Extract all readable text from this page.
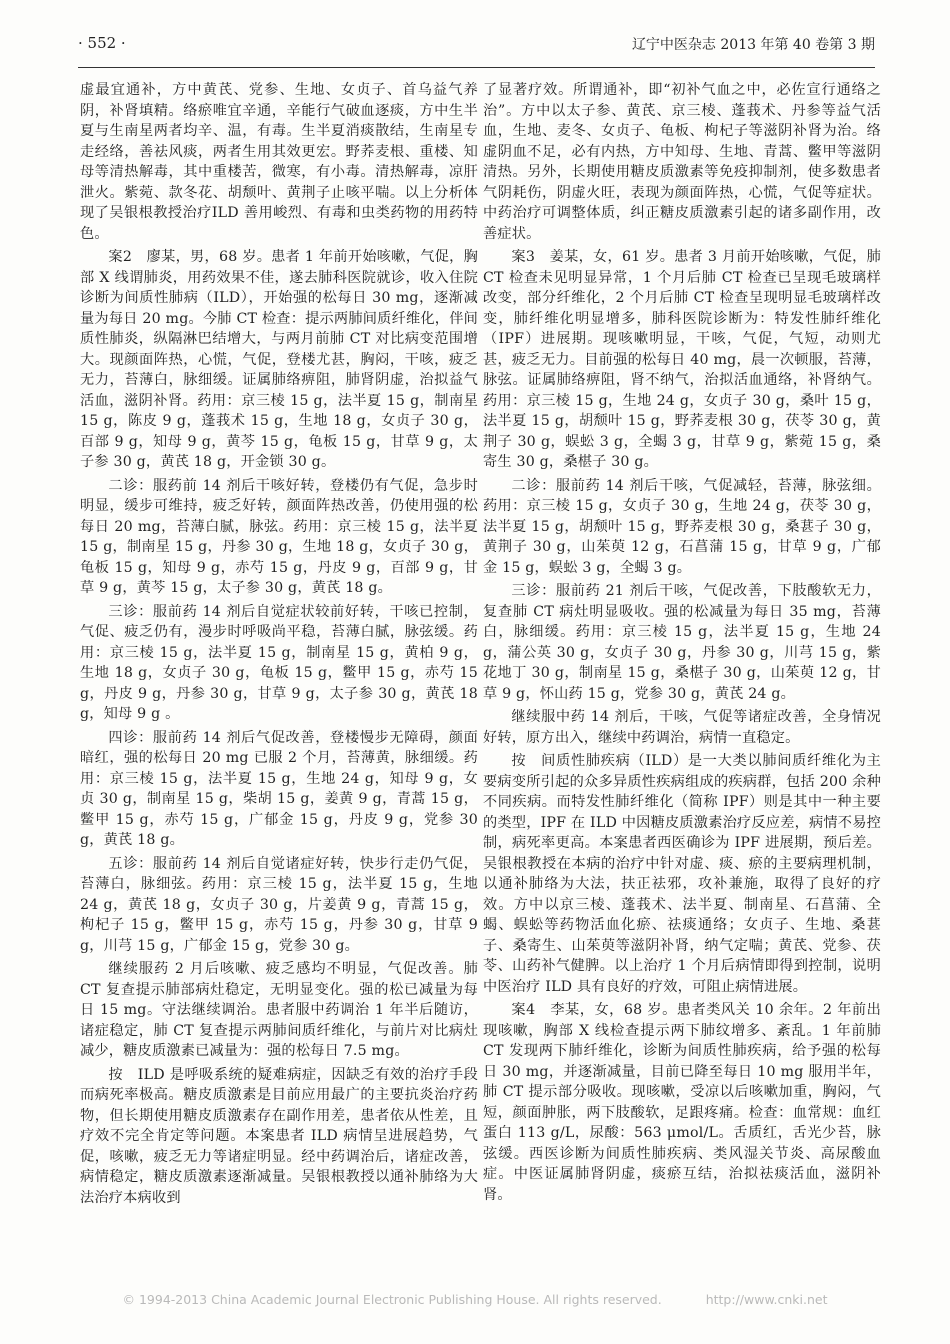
· 552 ·	辽宁中医杂志 2013 年第 40 卷第 3 期

虚最宜通补，方中黄芪、党参、生地、女贞子、首乌益气养阴，补肾填精。络瘀唯宜辛通，辛能行气破血逐痰，方中生半夏与生南星两者均辛、温，有毒。生半夏消痰散结，生南星专走经络，善祛风痰，两者生用其效更宏。野荞麦根、重楼、知母等清热解毒，其中重楼苦，微寒，有小毒。清热解毒，凉肝泄火。紫菀、款冬花、胡颓叶、黄荆子止咳平喘。以上分析体现了吴银根教授治疗ILD 善用峻烈、有毒和虫类药物的用药特色。

案2　廖某，男，68 岁。患者 1 年前开始咳嗽，气促，胸部 X 线谓肺炎，用药效果不佳，遂去肺科医院就诊，收入住院诊断为间质性肺病（ILD），开始强的松每日 30 mg，逐渐减量为每日 20 mg。今肺 CT 检查：提示两肺间质纤维化，伴间质性肺炎，纵隔淋巴结增大，与两月前肺 CT 对比病变范围增大。现颜面阵热，心慌，气促，登楼尤甚，胸闷，干咳，疲乏无力，苔薄白，脉细缓。证属肺络痹阻，肺肾阴虚，治拟益气活血，滋阴补肾。药用：京三棱 15 g，法半夏 15 g，制南星 15 g，陈皮 9 g，蓬莪术 15 g，生地 18 g，女贞子 30 g，百部 9 g，知母 9 g，黄芩 15 g，龟板 15 g，甘草 9 g，太子参 30 g，黄芪 18 g，开金锁 30 g。

二诊：服药前 14 剂后干咳好转，登楼仍有气促，急步时明显，缓步可维持，疲乏好转，颜面阵热改善，仍使用强的松每日 20 mg，苔薄白腻，脉弦。药用：京三棱 15 g，法半夏 15 g，制南星 15 g，丹参 30 g，生地 18 g，女贞子 30 g，龟板 15 g，知母 9 g，赤芍 15 g，丹皮 9 g，百部 9 g，甘草 9 g，黄芩 15 g，太子参 30 g，黄芪 18 g。

三诊：服前药 14 剂后自觉症状较前好转，干咳已控制，气促、疲乏仍有，漫步时呼吸尚平稳，苔薄白腻，脉弦缓。药用：京三棱 15 g，法半夏 15 g，制南星 15 g，黄柏 9 g，生地 18 g，女贞子 30 g，龟板 15 g，鳖甲 15 g，赤芍 15 g，丹皮 9 g，丹参 30 g，甘草 9 g，太子参 30 g，黄芪 18 g，知母 9 g 。

四诊：服前药 14 剂后气促改善，登楼慢步无障碍，颜面暗红，强的松每日 20 mg 已服 2 个月，苔薄黄，脉细缓。药用：京三棱 15 g，法半夏 15 g，生地 24 g，知母 9 g，女贞 30 g，制南星 15 g，柴胡 15 g，姜黄 9 g，青蒿 15 g，鳖甲 15 g，赤芍 15 g，广郁金 15 g，丹皮 9 g，党参 30 g，黄芪 18 g。

五诊：服前药 14 剂后自觉诸症好转，快步行走仍气促，苔薄白，脉细弦。药用：京三棱 15 g，法半夏 15 g，生地 24 g，黄芪 18 g，女贞子 30 g，片姜黄 9 g，青蒿 15 g，枸杞子 15 g，鳖甲 15 g，赤芍 15 g，丹参 30 g，甘草 9 g，川芎 15 g，广郁金 15 g，党参 30 g。

继续服药 2 月后咳嗽、疲乏感均不明显，气促改善。肺 CT 复查提示肺部病灶稳定，无明显变化。强的松已减量为每日 15 mg。守法继续调治。患者服中药调治 1 年半后随访，诸症稳定，肺 CT 复查提示两肺间质纤维化，与前片对比病灶减少，糖皮质激素已减量为：强的松每日 7.5 mg。

按　ILD 是呼吸系统的疑难病症，因缺乏有效的治疗手段而病死率极高。糖皮质激素是目前应用最广的主要抗炎治疗药物，但长期使用糖皮质激素存在副作用差，患者依从性差，且疗效不完全肯定等问题。本案患者 ILD 病情呈进展趋势，气促，咳嗽，疲乏无力等诸症明显。经中药调治后，诸症改善，病情稳定，糖皮质激素逐渐减量。吴银根教授以通补肺络为大法治疗本病收到

了显著疗效。所谓通补，即“初补气血之中，必佐宣行通络之治”。方中以太子参、黄芪、京三棱、蓬莪术、丹参等益气活血，生地、麦冬、女贞子、龟板、枸杞子等滋阴补肾为治。络虚阴血不足，必有内热，方中知母、生地、青蒿、鳖甲等滋阴清热。另外，长期使用糖皮质激素等免疫抑制剂，使多数患者气阴耗伤，阴虚火旺，表现为颜面阵热，心慌，气促等症状。中药治疗可调整体质，纠正糖皮质激素引起的诸多副作用，改善症状。

案3　姜某，女，61 岁。患者 3 月前开始咳嗽，气促，肺 CT 检查未见明显异常，1 个月后肺 CT 检查已呈现毛玻璃样改变，部分纤维化，2 个月后肺 CT 检查呈现明显毛玻璃样改变，肺纤维化明显增多，肺科医院诊断为：特发性肺纤维化（IPF）进展期。现咳嗽明显，干咳，气促，气短，动则尤甚，疲乏无力。目前强的松每日 40 mg，晨一次顿服，苔薄，脉弦。证属肺络痹阻，肾不纳气，治拟活血通络，补肾纳气。药用：京三棱 15 g，生地 24 g，女贞子 30 g，桑叶 15 g，法半夏 15 g，胡颓叶 15 g，野荞麦根 30 g，茯苓 30 g，黄荆子 30 g，蜈蚣 3 g，全蝎 3 g，甘草 9 g，紫菀 15 g，桑寄生 30 g，桑椹子 30 g。

二诊：服前药 14 剂后干咳，气促减轻，苔薄，脉弦细。药用：京三棱 15 g，女贞子 30 g，生地 24 g，茯苓 30 g，法半夏 15 g，胡颓叶 15 g，野荞麦根 30 g，桑葚子 30 g，黄荆子 30 g，山茱萸 12 g，石菖蒲 15 g，甘草 9 g，广郁金 15 g，蜈蚣 3 g，全蝎 3 g。

三诊：服前药 21 剂后干咳，气促改善，下肢酸软无力，复查肺 CT 病灶明显吸收。强的松减量为每日 35 mg，苔薄白，脉细缓。药用：京三棱 15 g，法半夏 15 g，生地 24 g，蒲公英 30 g，女贞子 30 g，丹参 30 g，川芎 15 g，紫花地丁 30 g，制南星 15 g，桑椹子 30 g，山茱萸 12 g，甘草 9 g，怀山药 15 g，党参 30 g，黄芪 24 g。

继续服中药 14 剂后，干咳，气促等诸症改善，全身情况好转，原方出入，继续中药调治，病情一直稳定。

按　间质性肺疾病（ILD）是一大类以肺间质纤维化为主要病变所引起的众多异质性疾病组成的疾病群，包括 200 余种不同疾病。而特发性肺纤维化（简称 IPF）则是其中一种主要的类型，IPF 在 ILD 中因糖皮质激素治疗反应差，病情不易控制，病死率更高。本案患者西医确诊为 IPF 进展期，预后差。吴银根教授在本病的治疗中针对虚、痰、瘀的主要病理机制，以通补肺络为大法，扶正祛邪，攻补兼施，取得了良好的疗效。方中以京三棱、蓬莪术、法半夏、制南星、石菖蒲、全蝎、蜈蚣等药物活血化瘀、祛痰通络；女贞子、生地、桑葚子、桑寄生、山茱萸等滋阴补肾，纳气定喘；黄芪、党参、茯苓、山药补气健脾。以上治疗 1 个月后病情即得到控制，说明中医治疗 ILD 具有良好的疗效，可阻止病情进展。

案4　李某，女，68 岁。患者类风关 10 余年。2 年前出现咳嗽，胸部 X 线检查提示两下肺纹增多、紊乱。1 年前肺 CT 发现两下肺纤维化，诊断为间质性肺疾病，给予强的松每日 30 mg，并逐渐减量，目前已降至每日 10 mg 服用半年，肺 CT 提示部分吸收。现咳嗽，受凉以后咳嗽加重，胸闷，气短，颜面肿胀，两下肢酸软，足跟疼痛。检查：血常规：血红蛋白 113 g/L，尿酸：563 μmol/L。舌质红，舌光少苔，脉弦缓。西医诊断为间质性肺疾病、类风湿关节炎、高尿酸血症。中医证属肺肾阴虚，痰瘀互结，治拟祛痰活血，滋阴补肾。

© 1994-2013 China Academic Journal Electronic Publishing House. All rights reserved.	http://www.cnki.net
